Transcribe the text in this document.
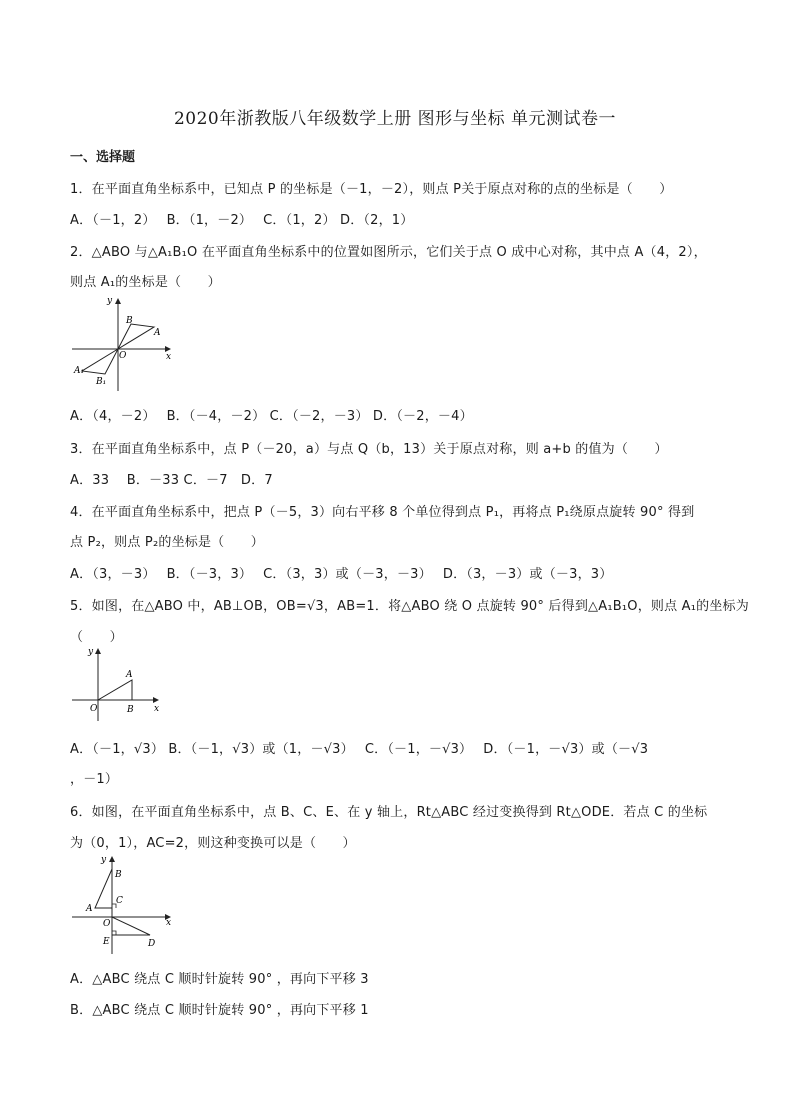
2020年浙教版八年级数学上册 图形与坐标 单元测试卷一
一、选择题
1．在平面直角坐标系中，已知点 P 的坐标是（－1，－2），则点 P关于原点对称的点的坐标是（　　）
A．（－1，2）　 B．（1，－2）　 C．（1，2） D．（2，1）
2．△ABO 与△A₁B₁O 在平面直角坐标系中的位置如图所示，它们关于点 O 成中心对称，其中点 A（4，2），
则点 A₁的坐标是（　　）
y
x
O
A
B
A₁
B₁
A．（4，－2）　 B．（－4，－2） C．（－2，－3） D．（－2，－4）
3．在平面直角坐标系中，点 P（－20，a）与点 Q（b，13）关于原点对称，则 a+b 的值为（　　）
A．33　 B．－33 C．－7　D．7
4．在平面直角坐标系中，把点 P（－5，3）向右平移 8 个单位得到点 P₁，再将点 P₁绕原点旋转 90° 得到
点 P₂，则点 P₂的坐标是（　　）
A．（3，－3）　 B．（－3，3）　 C．（3，3）或（－3，－3）　 D．（3，－3）或（－3，3）
5．如图，在△ABO 中，AB⊥OB，OB=√3，AB=1．将△ABO 绕 O 点旋转 90° 后得到△A₁B₁O，则点 A₁的坐标为
（　　）
y
x
O
A
B
A．（－1，√3） B．（－1，√3）或（1，－√3）　 C．（－1，－√3）　 D．（－1，－√3）或（－√3
，－1）
6．如图，在平面直角坐标系中，点 B、C、E、在 y 轴上，Rt△ABC 经过变换得到 Rt△ODE．若点 C 的坐标
为（0，1），AC=2，则这种变换可以是（　　）
y
x
O
A
B
C
D
E
A．△ABC 绕点 C 顺时针旋转 90° ，再向下平移 3
B．△ABC 绕点 C 顺时针旋转 90° ，再向下平移 1
